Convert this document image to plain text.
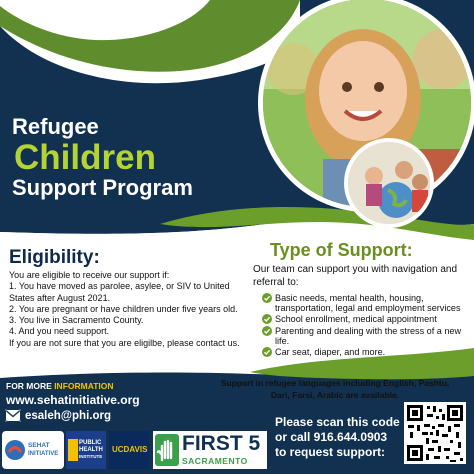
Refugee
Children
Support Program
Eligibility:
You are eligible to receive our support if:
1. You have moved as parolee, asylee, or SIV to United
States after August 2021.
2. You are pregnant or have children under five years old.
3. You live in Sacramento County.
4. And you need support.
If you are not sure that you are eligilbe, please contact us.
Type of Support:
Our team can support you with navigation and referral to:
Basic needs, mental health, housing, transportation, legal and employment services
School enrollment, medical appointment
Parenting and dealing with the stress of a new life.
Car seat, diaper, and more.
Support in refugee languages including English, Pashtu, Dari, Farsi, Arabic are available.
FOR MORE INFORMATION
www.sehatinitiative.org
esaleh@phi.org	Please scan this code
or call 916.644.0903
to request support:
SEHAT
INITIATIVE
PUBLIC
HEALTH
INSTITUTE
UCDAVIS FIRST 5
SACRAMENTO
